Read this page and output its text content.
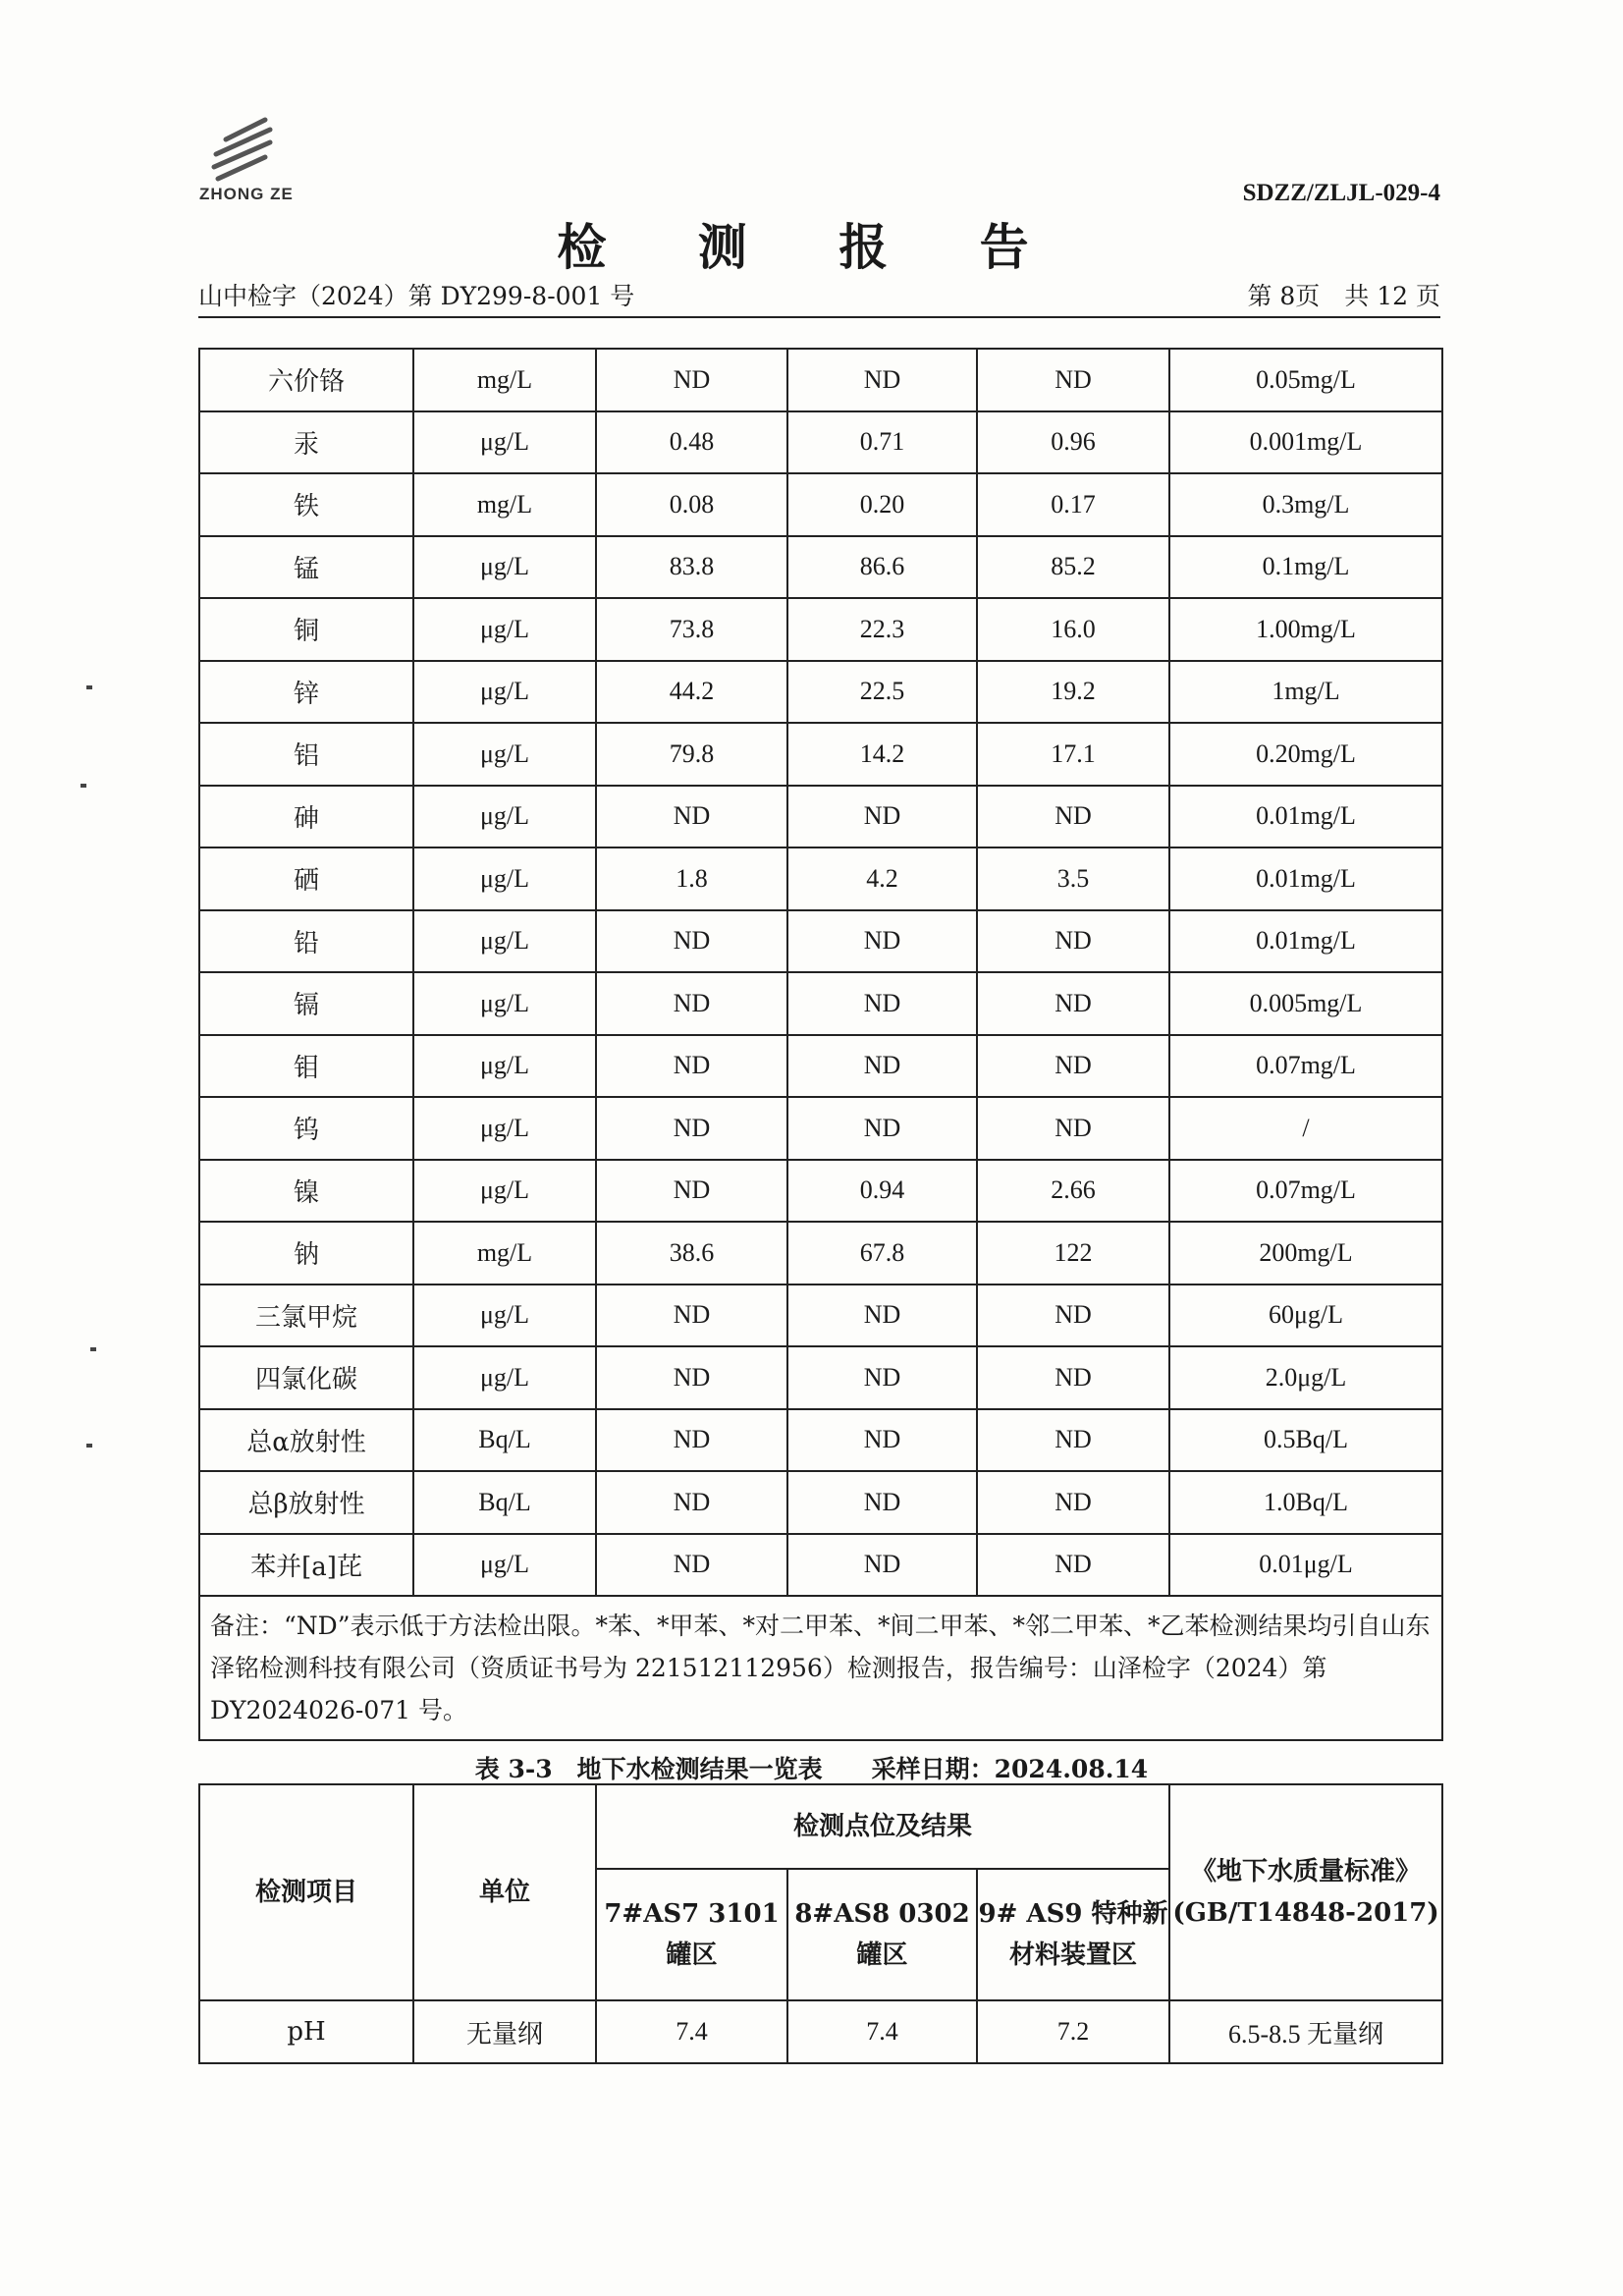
ZHONG ZE	SDZZ/ZLJL-029-4
检 测 报 告
山中检字（2024）第 DY299-8-001 号	第 8页　共 12 页
六价铬	mg/L	ND	ND	ND	0.05mg/L
汞	μg/L	0.48	0.71	0.96	0.001mg/L
铁	mg/L	0.08	0.20	0.17	0.3mg/L
锰	μg/L	83.8	86.6	85.2	0.1mg/L
铜	μg/L	73.8	22.3	16.0	1.00mg/L
锌	μg/L	44.2	22.5	19.2	1mg/L
铝	μg/L	79.8	14.2	17.1	0.20mg/L
砷	μg/L	ND	ND	ND	0.01mg/L
硒	μg/L	1.8	4.2	3.5	0.01mg/L
铅	μg/L	ND	ND	ND	0.01mg/L
镉	μg/L	ND	ND	ND	0.005mg/L
钼	μg/L	ND	ND	ND	0.07mg/L
钨	μg/L	ND	ND	ND	/
镍	μg/L	ND	0.94	2.66	0.07mg/L
钠	mg/L	38.6	67.8	122	200mg/L
三氯甲烷	μg/L	ND	ND	ND	60μg/L
四氯化碳	μg/L	ND	ND	ND	2.0μg/L
总α放射性	Bq/L	ND	ND	ND	0.5Bq/L
总β放射性	Bq/L	ND	ND	ND	1.0Bq/L
苯并[a]芘	μg/L	ND	ND	ND	0.01μg/L
备注：“ND”表示低于方法检出限。*苯、*甲苯、*对二甲苯、*间二甲苯、*邻二甲苯、*乙苯检测结果均引自山东泽铭检测科技有限公司（资质证书号为 221512112956）检测报告，报告编号：山泽检字（2024）第 DY2024026-071 号。					
表 3-3　地下水检测结果一览表　　采样日期：2024.08.14
检测项目	单位	检测点位及结果			《地下水质量标准》(GB/T14848-2017)
		7#AS7 3101 罐区	8#AS8 0302 罐区	9# AS9 特种新材料装置区	
pH	无量纲	7.4	7.4	7.2	6.5-8.5 无量纲
